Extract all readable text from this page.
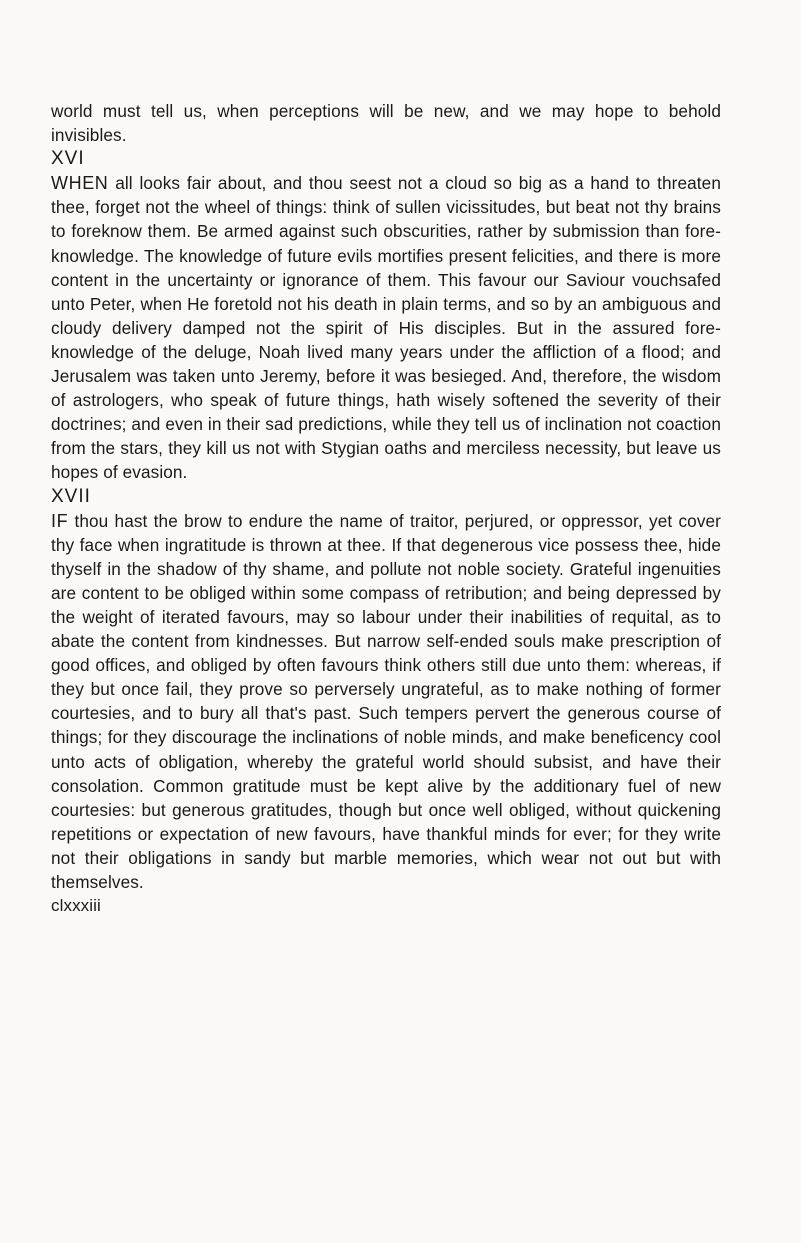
world must tell us, when perceptions will be new, and we may hope to behold invisibles.

XVI

WHEN all looks fair about, and thou seest not a cloud so big as a hand to threaten thee, forget not the wheel of things: think of sullen vicissitudes, but beat not thy brains to foreknow them. Be armed against such obscurities, rather by submission than fore-knowledge. The knowledge of future evils mortifies present felicities, and there is more content in the uncertainty or ignorance of them. This favour our Saviour vouchsafed unto Peter, when He foretold not his death in plain terms, and so by an ambiguous and cloudy delivery damped not the spirit of His disciples. But in the assured fore-knowledge of the deluge, Noah lived many years under the affliction of a flood; and Jerusalem was taken unto Jeremy, before it was besieged. And, therefore, the wisdom of astrologers, who speak of future things, hath wisely softened the severity of their doctrines; and even in their sad predictions, while they tell us of inclination not coaction from the stars, they kill us not with Stygian oaths and merciless necessity, but leave us hopes of evasion.

XVII

IF thou hast the brow to endure the name of traitor, perjured, or oppressor, yet cover thy face when ingratitude is thrown at thee. If that degenerous vice possess thee, hide thyself in the shadow of thy shame, and pollute not noble society. Grateful ingenuities are content to be obliged within some compass of retribution; and being depressed by the weight of iterated favours, may so labour under their inabilities of requital, as to abate the content from kindnesses. But narrow self-ended souls make prescription of good offices, and obliged by often favours think others still due unto them: whereas, if they but once fail, they prove so perversely ungrateful, as to make nothing of former courtesies, and to bury all that's past. Such tempers pervert the generous course of things; for they discourage the inclinations of noble minds, and make beneficency cool unto acts of obligation, whereby the grateful world should subsist, and have their consolation. Common gratitude must be kept alive by the additionary fuel of new courtesies: but generous gratitudes, though but once well obliged, without quickening repetitions or expectation of new favours, have thankful minds for ever; for they write not their obligations in sandy but marble memories, which wear not out but with themselves.

clxxxiii
